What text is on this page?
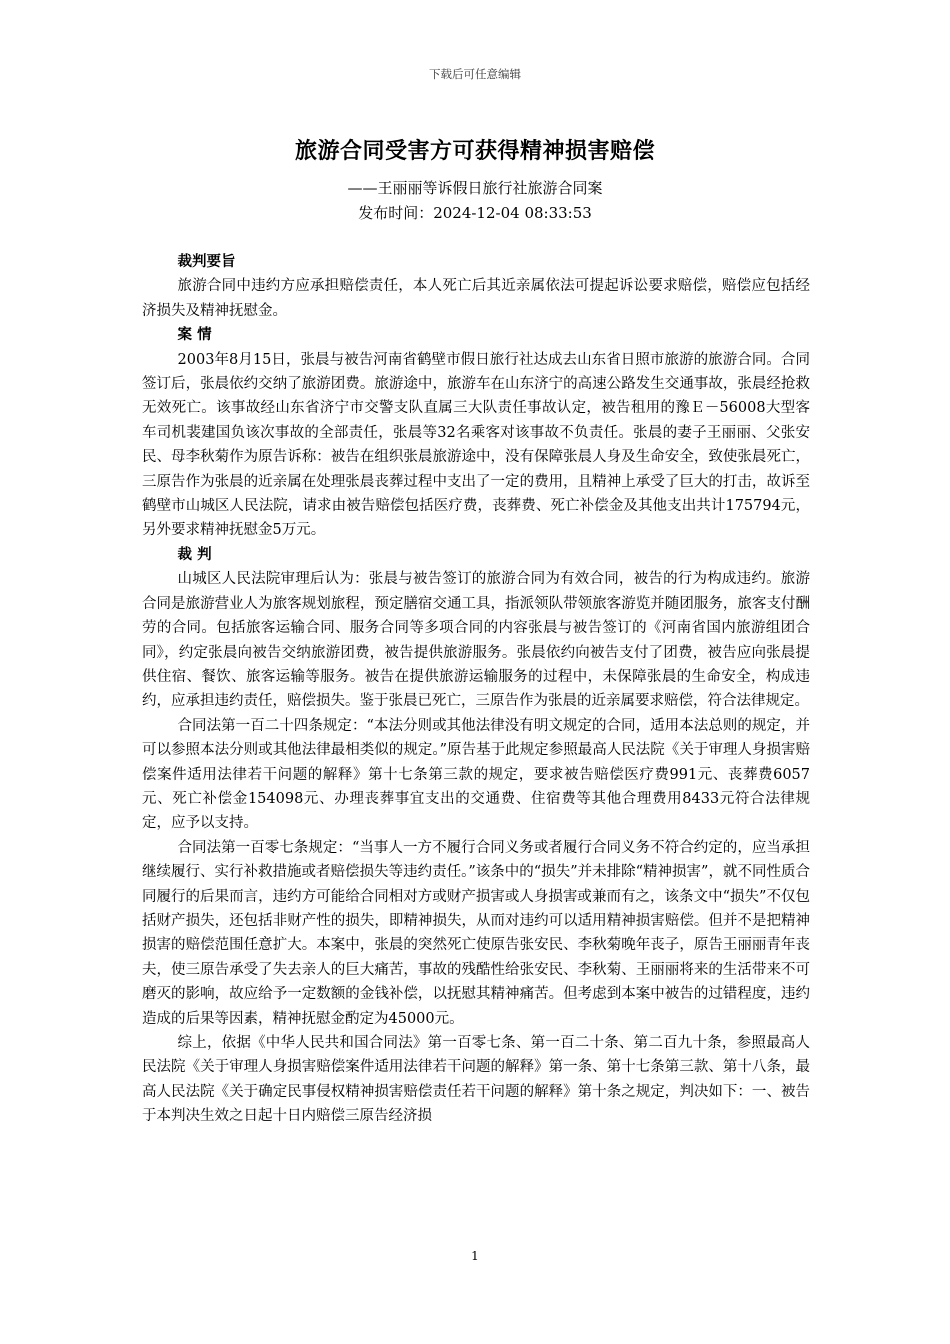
下载后可任意编辑
旅游合同受害方可获得精神损害赔偿
——王丽丽等诉假日旅行社旅游合同案
发布时间：2024-12-04 08:33:53
裁判要旨

旅游合同中违约方应承担赔偿责任，本人死亡后其近亲属依法可提起诉讼要求赔偿，赔偿应包括经济损失及精神抚慰金。

案 情

2003年8月15日，张晨与被告河南省鹤壁市假日旅行社达成去山东省日照市旅游的旅游合同。合同签订后，张晨依约交纳了旅游团费。旅游途中，旅游车在山东济宁的高速公路发生交通事故，张晨经抢救无效死亡。该事故经山东省济宁市交警支队直属三大队责任事故认定，被告租用的豫Ｅ－56008大型客车司机裴建国负该次事故的全部责任，张晨等32名乘客对该事故不负责任。张晨的妻子王丽丽、父张安民、母李秋菊作为原告诉称：被告在组织张晨旅游途中，没有保障张晨人身及生命安全，致使张晨死亡，三原告作为张晨的近亲属在处理张晨丧葬过程中支出了一定的费用，且精神上承受了巨大的打击，故诉至鹤壁市山城区人民法院，请求由被告赔偿包括医疗费，丧葬费、死亡补偿金及其他支出共计175794元，另外要求精神抚慰金5万元。

裁 判

山城区人民法院审理后认为：张晨与被告签订的旅游合同为有效合同，被告的行为构成违约。旅游合同是旅游营业人为旅客规划旅程，预定膳宿交通工具，指派领队带领旅客游览并随团服务，旅客支付酬劳的合同。包括旅客运输合同、服务合同等多项合同的内容张晨与被告签订的《河南省国内旅游组团合同》，约定张晨向被告交纳旅游团费，被告提供旅游服务。张晨依约向被告支付了团费，被告应向张晨提供住宿、餐饮、旅客运输等服务。被告在提供旅游运输服务的过程中，未保障张晨的生命安全，构成违约，应承担违约责任，赔偿损失。鉴于张晨已死亡，三原告作为张晨的近亲属要求赔偿，符合法律规定。

合同法第一百二十四条规定：“本法分则或其他法律没有明文规定的合同，适用本法总则的规定，并可以参照本法分则或其他法律最相类似的规定。”原告基于此规定参照最高人民法院《关于审理人身损害赔偿案件适用法律若干问题的解释》第十七条第三款的规定，要求被告赔偿医疗费991元、丧葬费6057元、死亡补偿金154098元、办理丧葬事宜支出的交通费、住宿费等其他合理费用8433元符合法律规定，应予以支持。

合同法第一百零七条规定：“当事人一方不履行合同义务或者履行合同义务不符合约定的，应当承担继续履行、实行补救措施或者赔偿损失等违约责任。”该条中的“损失”并未排除“精神损害”，就不同性质合同履行的后果而言，违约方可能给合同相对方或财产损害或人身损害或兼而有之，该条文中“损失”不仅包括财产损失，还包括非财产性的损失，即精神损失，从而对违约可以适用精神损害赔偿。但并不是把精神损害的赔偿范围任意扩大。本案中，张晨的突然死亡使原告张安民、李秋菊晚年丧子，原告王丽丽青年丧夫，使三原告承受了失去亲人的巨大痛苦，事故的残酷性给张安民、李秋菊、王丽丽将来的生活带来不可磨灭的影响，故应给予一定数额的金钱补偿，以抚慰其精神痛苦。但考虑到本案中被告的过错程度，违约造成的后果等因素，精神抚慰金酌定为45000元。

综上，依据《中华人民共和国合同法》第一百零七条、第一百二十条、第二百九十条，参照最高人民法院《关于审理人身损害赔偿案件适用法律若干问题的解释》第一条、第十七条第三款、第十八条，最高人民法院《关于确定民事侵权精神损害赔偿责任若干问题的解释》第十条之规定，判决如下：一、被告于本判决生效之日起十日内赔偿三原告经济损

1
